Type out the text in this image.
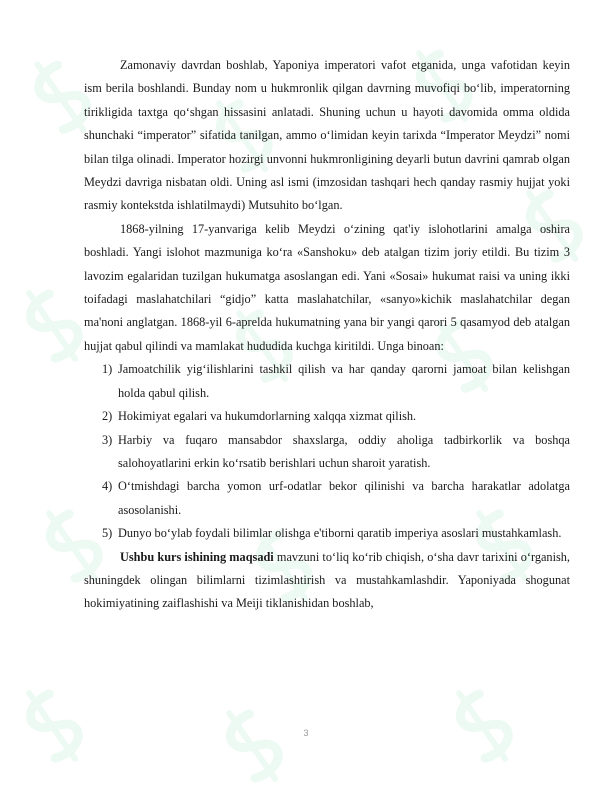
Zamonaviy davrdan boshlab, Yaponiya imperatori vafot etganida, unga vafotidan keyin ism berila boshlandi. Bunday nom u hukmronlik qilgan davrning muvofiqi bo‘lib, imperatorning tirikligida taxtga qo‘shgan hissasini anlatadi. Shuning uchun u hayoti davomida omma oldida shunchaki “imperator” sifatida tanilgan, ammo o‘limidan keyin tarixda “Imperator Meydzi” nomi bilan tilga olinadi. Imperator hozirgi unvonni hukmronligining deyarli butun davrini qamrab olgan Meydzi davriga nisbatan oldi. Uning asl ismi (imzosidan tashqari hech qanday rasmiy hujjat yoki rasmiy kontekstda ishlatilmaydi) Mutsuhito bo‘lgan.

1868-yilning 17-yanvariga kelib Meydzi o‘zining qat'iy islohotlarini amalga oshira boshladi. Yangi islohot mazmuniga ko‘ra «Sanshoku» deb atalgan tizim joriy etildi. Bu tizim 3 lavozim egalaridan tuzilgan hukumatga asoslangan edi. Yani «Sosai» hukumat raisi va uning ikki toifadagi maslahatchilari “gidjo” katta maslahatchilar, «sanyo»kichik maslahatchilar degan ma'noni anglatgan. 1868-yil 6-aprelda hukumatning yana bir yangi qarori 5 qasamyod deb atalgan hujjat qabul qilindi va mamlakat hududida kuchga kiritildi. Unga binoan:

1) Jamoatchilik yig‘ilishlarini tashkil qilish va har qanday qarorni jamoat bilan kelishgan holda qabul qilish.
2) Hokimiyat egalari va hukumdorlarning xalqqa xizmat qilish.
3) Harbiy va fuqaro mansabdor shaxslarga, oddiy aholiga tadbirkorlik va boshqa salohoyatlarini erkin ko‘rsatib berishlari uchun sharoit yaratish.
4) O‘tmishdagi barcha yomon urf-odatlar bekor qilinishi va barcha harakatlar adolatga asosolanishi.
5) Dunyo bo‘ylab foydali bilimlar olishga e'tiborni qaratib imperiya asoslari mustahkamlash.

Ushbu kurs ishining maqsadi mavzuni to‘liq ko‘rib chiqish, o‘sha davr tarixini o‘rganish, shuningdek olingan bilimlarni tizimlashtirish va mustahkamlashdir. Yaponiyada shogunat hokimiyatining zaiflashishi va Meiji tiklanishidan boshlab,

3
